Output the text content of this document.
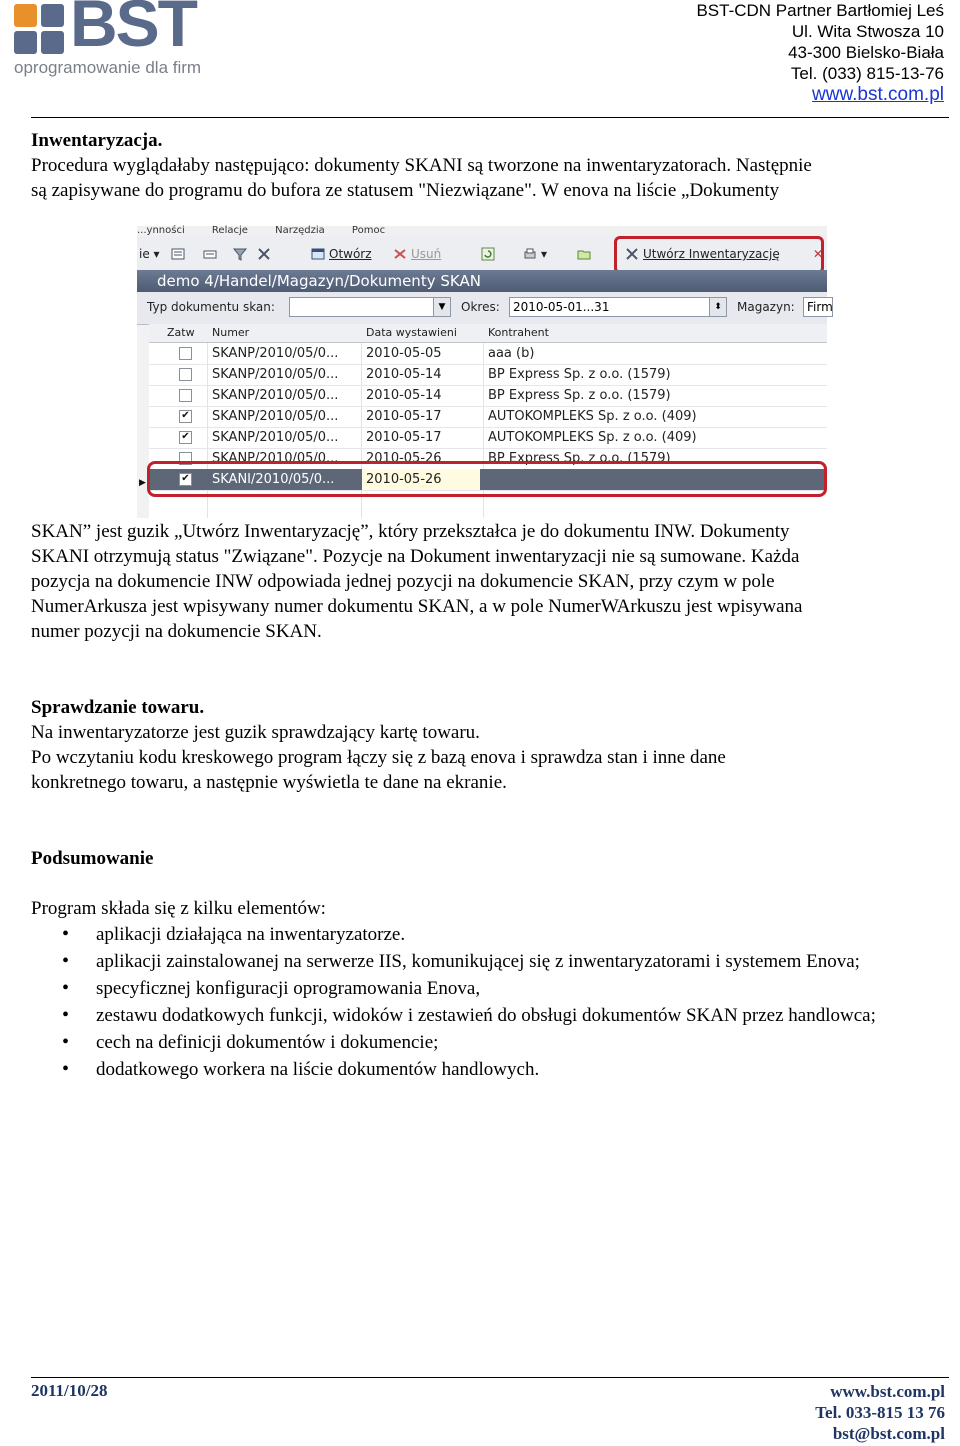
BST
oprogramowanie dla firm
BST-CDN Partner Bartłomiej Leś
Ul. Wita Stwosza 10
43-300 Bielsko-Biała
Tel. (033) 815-13-76
www.bst.com.pl
Inwentaryzacja.
Procedura wyglądałaby następująco: dokumenty SKANI są tworzone na inwentaryzatorach. Następnie
są zapisywane do programu do bufora ze statusem "Niezwiązane". W enova na liście „Dokumenty
...ynności	Relacje	Narzędzia	Pomoc
ie ▾	Otwórz	Usuń	▾	Utwórz Inwentaryzację	✕
demo 4/Handel/Magazyn/Dokumenty SKAN
Typ dokumentu skan:	▼	Okres:	2010-05-01...31	⬍	Magazyn:	Firm
Zatw Numer	Data wystawieni	Kontrahent
SKANP/2010/05/0...	2010-05-05	aaa (b)
SKANP/2010/05/0...	2010-05-14	BP Express Sp. z o.o. (1579)
SKANP/2010/05/0...	2010-05-14	BP Express Sp. z o.o. (1579)
✔ SKANP/2010/05/0...	2010-05-17	AUTOKOMPLEKS Sp. z o.o. (409)
✔ SKANP/2010/05/0...	2010-05-17	AUTOKOMPLEKS Sp. z o.o. (409)
SKANP/2010/05/0...	2010-05-26	BP Express Sp. z o.o. (1579)
✔ SKANI/2010/05/0...	2010-05-26
▶
SKAN” jest guzik „Utwórz Inwentaryzację”, który przekształca je do dokumentu INW. Dokumenty
SKANI otrzymują status "Związane". Pozycje na Dokument inwentaryzacji nie są sumowane. Każda
pozycja na dokumencie INW odpowiada jednej pozycji na dokumencie SKAN, przy czym w pole
NumerArkusza jest wpisywany numer dokumentu SKAN, a w pole NumerWArkuszu jest wpisywana
numer pozycji na dokumencie SKAN.
Sprawdzanie towaru.
Na inwentaryzatorze jest guzik sprawdzający kartę towaru.
Po wczytaniu kodu kreskowego program łączy się z bazą enova i sprawdza stan i inne dane
konkretnego towaru, a następnie wyświetla te dane na ekranie.
Podsumowanie
Program składa się z kilku elementów:
• aplikacji działająca na inwentaryzatorze.
• aplikacji zainstalowanej na serwerze IIS, komunikującej się z inwentaryzatorami i systemem Enova;
• specyficznej konfiguracji oprogramowania Enova,
• zestawu dodatkowych funkcji, widoków i zestawień do obsługi dokumentów SKAN przez handlowca;
• cech na definicji dokumentów i dokumencie;
• dodatkowego workera na liście dokumentów handlowych.
2011/10/28	www.bst.com.pl
Tel. 033-815 13 76
bst@bst.com.pl
